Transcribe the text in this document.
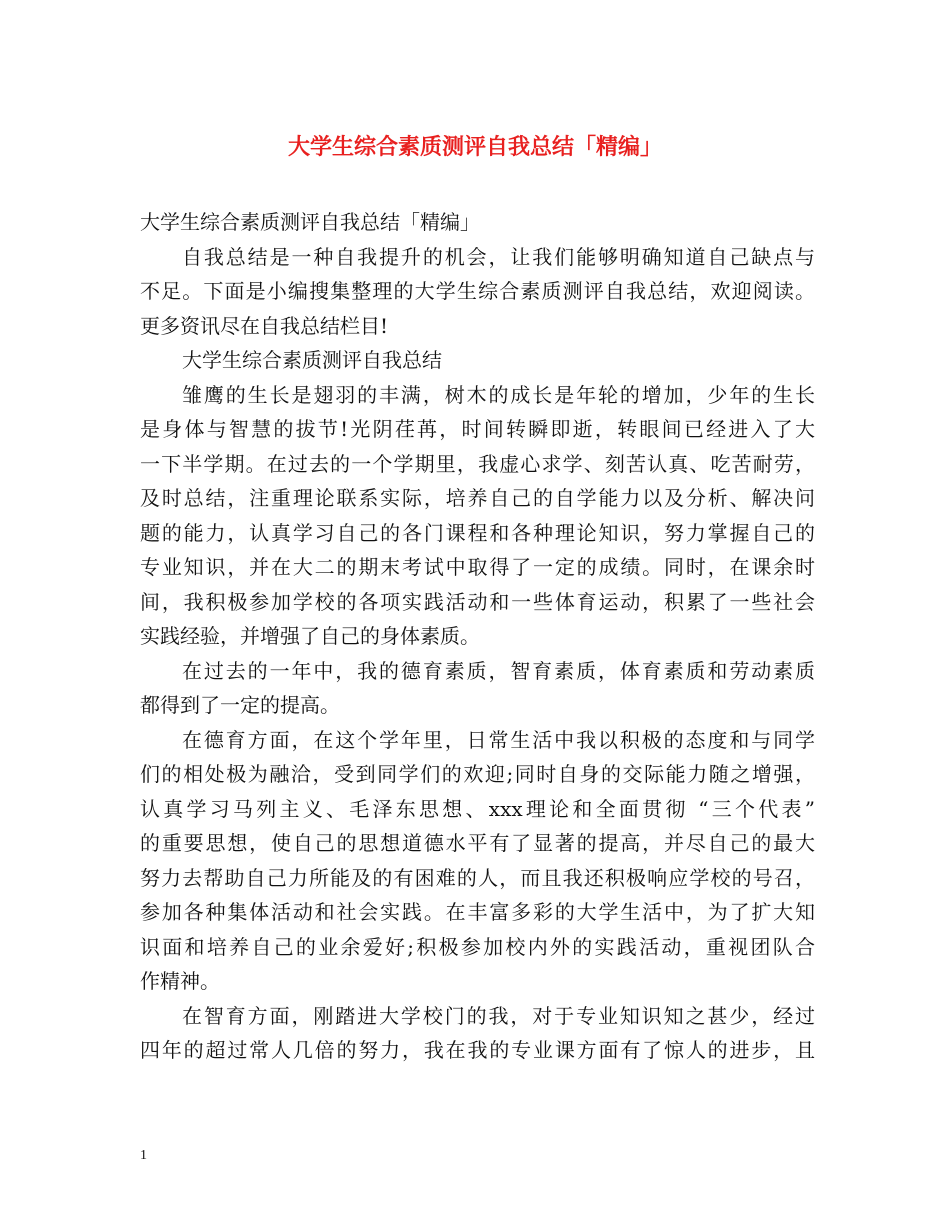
大学生综合素质测评自我总结「精编」
大学生综合素质测评自我总结「精编」
自我总结是一种自我提升的机会，让我们能够明确知道自己缺点与
不足。下面是小编搜集整理的大学生综合素质测评自我总结，欢迎阅读。
更多资讯尽在自我总结栏目!
大学生综合素质测评自我总结
雏鹰的生长是翅羽的丰满，树木的成长是年轮的增加，少年的生长
是身体与智慧的拔节!光阴荏苒，时间转瞬即逝，转眼间已经进入了大
一下半学期。在过去的一个学期里，我虚心求学、刻苦认真、吃苦耐劳，
及时总结，注重理论联系实际，培养自己的自学能力以及分析、解决问
题的能力，认真学习自己的各门课程和各种理论知识，努力掌握自己的
专业知识，并在大二的期末考试中取得了一定的成绩。同时，在课余时
间，我积极参加学校的各项实践活动和一些体育运动，积累了一些社会
实践经验，并增强了自己的身体素质。
在过去的一年中，我的德育素质，智育素质，体育素质和劳动素质
都得到了一定的提高。
在德育方面，在这个学年里，日常生活中我以积极的态度和与同学
们的相处极为融洽，受到同学们的欢迎;同时自身的交际能力随之增强，
认真学习马列主义、毛泽东思想、xxx理论和全面贯彻 “三个代表”
的重要思想，使自己的思想道德水平有了显著的提高，并尽自己的最大
努力去帮助自己力所能及的有困难的人，而且我还积极响应学校的号召，
参加各种集体活动和社会实践。在丰富多彩的大学生活中，为了扩大知
识面和培养自己的业余爱好;积极参加校内外的实践活动，重视团队合
作精神。
在智育方面，刚踏进大学校门的我，对于专业知识知之甚少，经过
四年的超过常人几倍的努力，我在我的专业课方面有了惊人的进步，且
1
